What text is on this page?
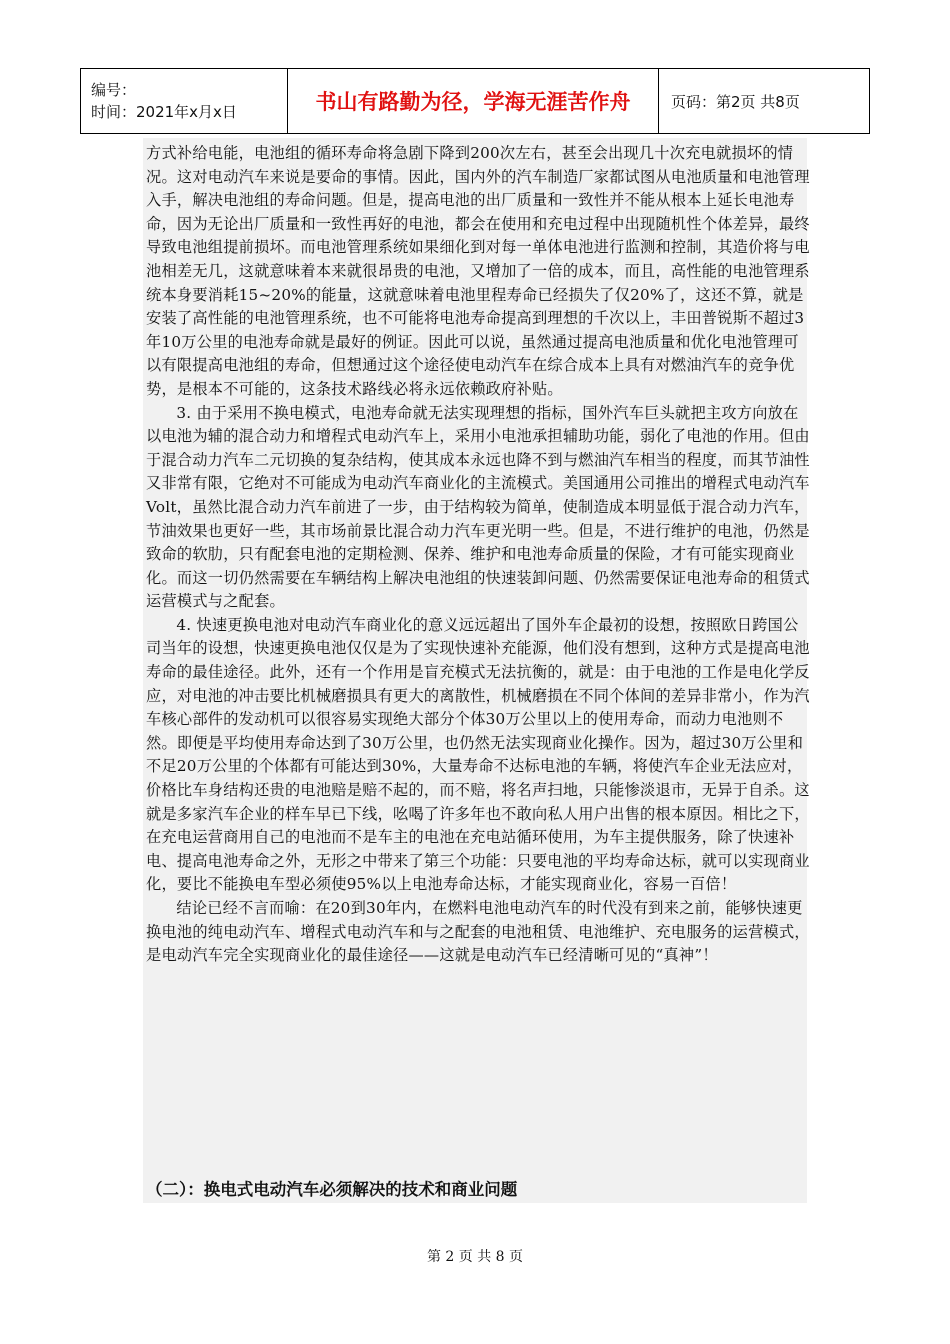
编号：
时间：2021年x月x日	书山有路勤为径，学海无涯苦作舟	页码：第2页 共8页

方式补给电能，电池组的循环寿命将急剧下降到200次左右，甚至会出现几十次充电就损坏的情况。这对电动汽车来说是要命的事情。因此，国内外的汽车制造厂家都试图从电池质量和电池管理入手，解决电池组的寿命问题。但是，提高电池的出厂质量和一致性并不能从根本上延长电池寿命，因为无论出厂质量和一致性再好的电池，都会在使用和充电过程中出现随机性个体差异，最终导致电池组提前损坏。而电池管理系统如果细化到对每一单体电池进行监测和控制，其造价将与电池相差无几，这就意味着本来就很昂贵的电池，又增加了一倍的成本，而且，高性能的电池管理系统本身要消耗15~20%的能量，这就意味着电池里程寿命已经损失了仅20%了，这还不算，就是安装了高性能的电池管理系统，也不可能将电池寿命提高到理想的千次以上，丰田普锐斯不超过3年10万公里的电池寿命就是最好的例证。因此可以说，虽然通过提高电池质量和优化电池管理可以有限提高电池组的寿命，但想通过这个途径使电动汽车在综合成本上具有对燃油汽车的竞争优势，是根本不可能的，这条技术路线必将永远依赖政府补贴。

3. 由于采用不换电模式，电池寿命就无法实现理想的指标，国外汽车巨头就把主攻方向放在以电池为辅的混合动力和增程式电动汽车上，采用小电池承担辅助功能，弱化了电池的作用。但由于混合动力汽车二元切换的复杂结构，使其成本永远也降不到与燃油汽车相当的程度，而其节油性又非常有限，它绝对不可能成为电动汽车商业化的主流模式。美国通用公司推出的增程式电动汽车Volt，虽然比混合动力汽车前进了一步，由于结构较为简单，使制造成本明显低于混合动力汽车，节油效果也更好一些，其市场前景比混合动力汽车更光明一些。但是，不进行维护的电池，仍然是致命的软肋，只有配套电池的定期检测、保养、维护和电池寿命质量的保险，才有可能实现商业化。而这一切仍然需要在车辆结构上解决电池组的快速装卸问题、仍然需要保证电池寿命的租赁式运营模式与之配套。

4. 快速更换电池对电动汽车商业化的意义远远超出了国外车企最初的设想，按照欧日跨国公司当年的设想，快速更换电池仅仅是为了实现快速补充能源，他们没有想到，这种方式是提高电池寿命的最佳途径。此外，还有一个作用是盲充模式无法抗衡的，就是：由于电池的工作是电化学反应，对电池的冲击要比机械磨损具有更大的离散性，机械磨损在不同个体间的差异非常小，作为汽车核心部件的发动机可以很容易实现绝大部分个体30万公里以上的使用寿命，而动力电池则不然。即便是平均使用寿命达到了30万公里，也仍然无法实现商业化操作。因为，超过30万公里和不足20万公里的个体都有可能达到30%，大量寿命不达标电池的车辆，将使汽车企业无法应对，价格比车身结构还贵的电池赔是赔不起的，而不赔，将名声扫地，只能惨淡退市，无异于自杀。这就是多家汽车企业的样车早已下线，吆喝了许多年也不敢向私人用户出售的根本原因。相比之下，在充电运营商用自己的电池而不是车主的电池在充电站循环使用，为车主提供服务，除了快速补电、提高电池寿命之外，无形之中带来了第三个功能：只要电池的平均寿命达标，就可以实现商业化，要比不能换电车型必须使95%以上电池寿命达标，才能实现商业化，容易一百倍！

结论已经不言而喻：在20到30年内，在燃料电池电动汽车的时代没有到来之前，能够快速更换电池的纯电动汽车、增程式电动汽车和与之配套的电池租赁、电池维护、充电服务的运营模式，是电动汽车完全实现商业化的最佳途径——这就是电动汽车已经清晰可见的“真神”！

（二）：换电式电动汽车必须解决的技术和商业问题
第 2 页 共 8 页
